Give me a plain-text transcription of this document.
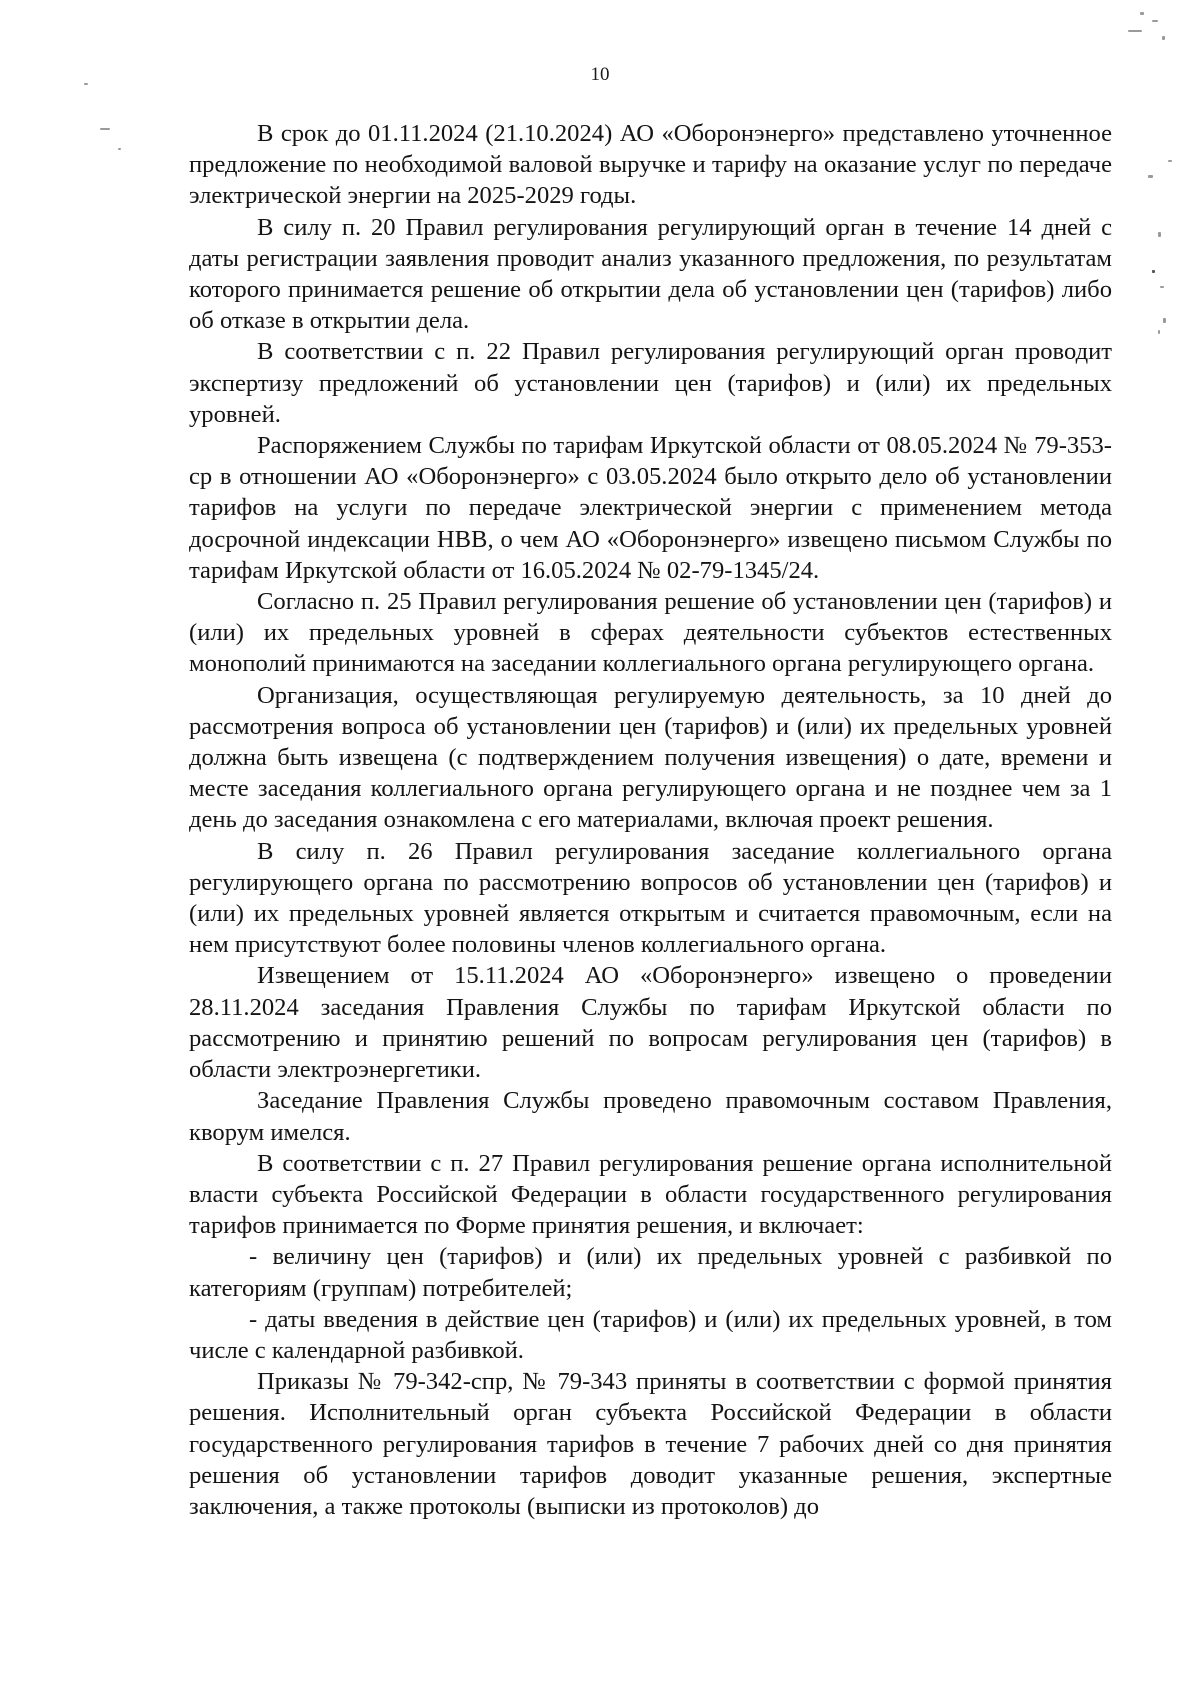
10

В срок до 01.11.2024 (21.10.2024) АО «Оборонэнерго» представлено уточненное предложение по необходимой валовой выручке и тарифу на оказание услуг по передаче электрической энергии на 2025-2029 годы.

В силу п. 20 Правил регулирования регулирующий орган в течение 14 дней с даты регистрации заявления проводит анализ указанного предложения, по результатам которого принимается решение об открытии дела об установлении цен (тарифов) либо об отказе в открытии дела.

В соответствии с п. 22 Правил регулирования регулирующий орган проводит экспертизу предложений об установлении цен (тарифов) и (или) их предельных уровней.

Распоряжением Службы по тарифам Иркутской области от 08.05.2024 № 79-353-ср в отношении АО «Оборонэнерго» с 03.05.2024 было открыто дело об установлении тарифов на услуги по передаче электрической энергии с применением метода досрочной индексации НВВ, о чем АО «Оборонэнерго» извещено письмом Службы по тарифам Иркутской области от 16.05.2024 № 02-79-1345/24.

Согласно п. 25 Правил регулирования решение об установлении цен (тарифов) и (или) их предельных уровней в сферах деятельности субъектов естественных монополий принимаются на заседании коллегиального органа регулирующего органа.

Организация, осуществляющая регулируемую деятельность, за 10 дней до рассмотрения вопроса об установлении цен (тарифов) и (или) их предельных уровней должна быть извещена (с подтверждением получения извещения) о дате, времени и месте заседания коллегиального органа регулирующего органа и не позднее чем за 1 день до заседания ознакомлена с его материалами, включая проект решения.

В силу п. 26 Правил регулирования заседание коллегиального органа регулирующего органа по рассмотрению вопросов об установлении цен (тарифов) и (или) их предельных уровней является открытым и считается правомочным, если на нем присутствуют более половины членов коллегиального органа.

Извещением от 15.11.2024 АО «Оборонэнерго» извещено о проведении 28.11.2024 заседания Правления Службы по тарифам Иркутской области по рассмотрению и принятию решений по вопросам регулирования цен (тарифов) в области электроэнергетики.

Заседание Правления Службы проведено правомочным составом Правления, кворум имелся.

В соответствии с п. 27 Правил регулирования решение органа исполнительной власти субъекта Российской Федерации в области государственного регулирования тарифов принимается по Форме принятия решения, и включает:

- величину цен (тарифов) и (или) их предельных уровней с разбивкой по категориям (группам) потребителей;

- даты введения в действие цен (тарифов) и (или) их предельных уровней, в том числе с календарной разбивкой.

Приказы № 79-342-спр, № 79-343 приняты в соответствии с формой принятия решения. Исполнительный орган субъекта Российской Федерации в области государственного регулирования тарифов в течение 7 рабочих дней со дня принятия решения об установлении тарифов доводит указанные решения, экспертные заключения, а также протоколы (выписки из протоколов) до
